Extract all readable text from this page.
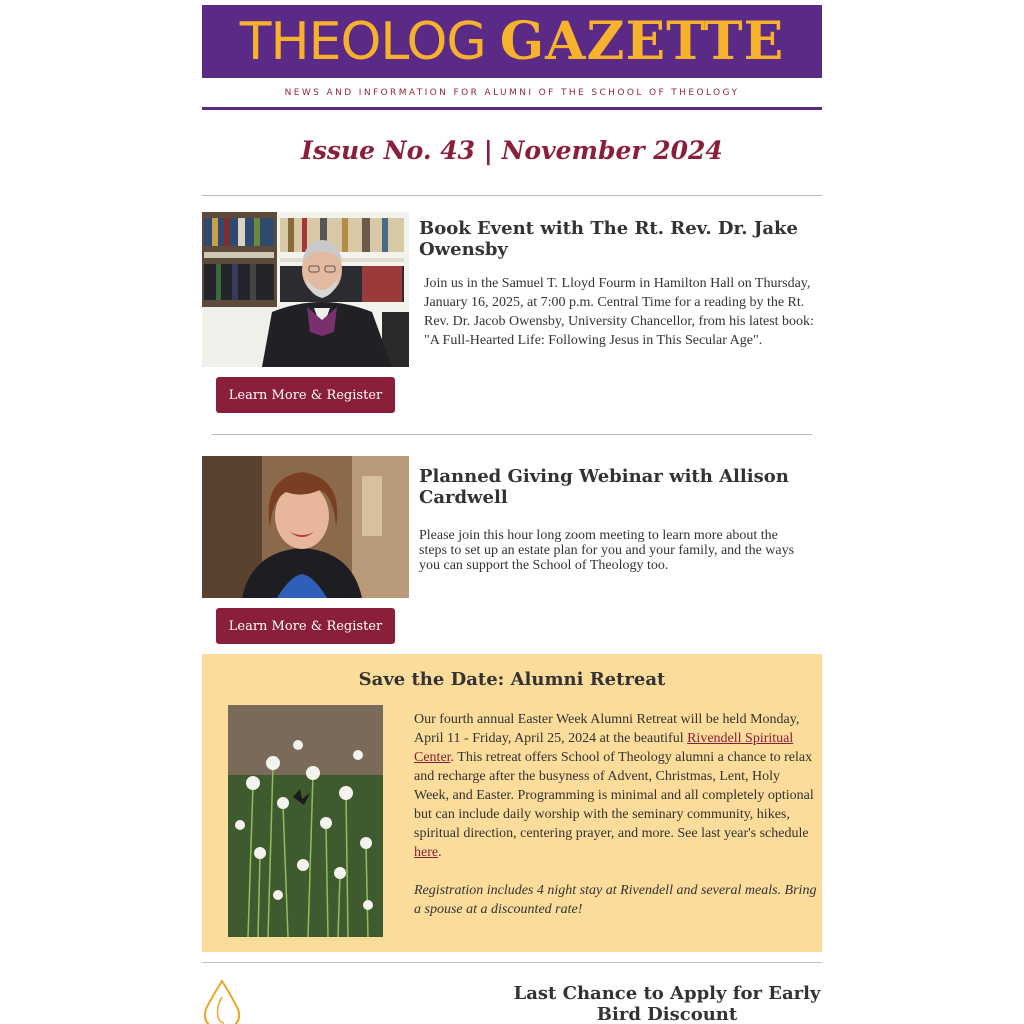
THEOLOG GAZETTE
NEWS AND INFORMATION FOR ALUMNI OF THE SCHOOL OF THEOLOGY
Issue No. 43 | November 2024
Book Event with The Rt. Rev. Dr. Jake Owensby
Join us in the Samuel T. Lloyd Fourm in Hamilton Hall on Thursday, January 16, 2025, at 7:00 p.m. Central Time for a reading by the Rt. Rev. Dr. Jacob Owensby, University Chancellor, from his latest book: "A Full-Hearted Life: Following Jesus in This Secular Age".
Learn More & Register
Planned Giving Webinar with Allison Cardwell
Please join this hour long zoom meeting to learn more about the steps to set up an estate plan for you and your family, and the ways you can support the School of Theology too.
Learn More & Register
Save the Date: Alumni Retreat

Our fourth annual Easter Week Alumni Retreat will be held Monday, April 11 - Friday, April 25, 2024 at the beautiful Rivendell Spiritual Center. This retreat offers School of Theology alumni a chance to relax and recharge after the busyness of Advent, Christmas, Lent, Holy Week, and Easter. Programming is minimal and all completely optional but can include daily worship with the seminary community, hikes, spiritual direction, centering prayer, and more. See last year's schedule here.

Registration includes 4 night stay at Rivendell and several meals. Bring a spouse at a discounted rate!

Last Chance to Apply for Early Bird Discount
